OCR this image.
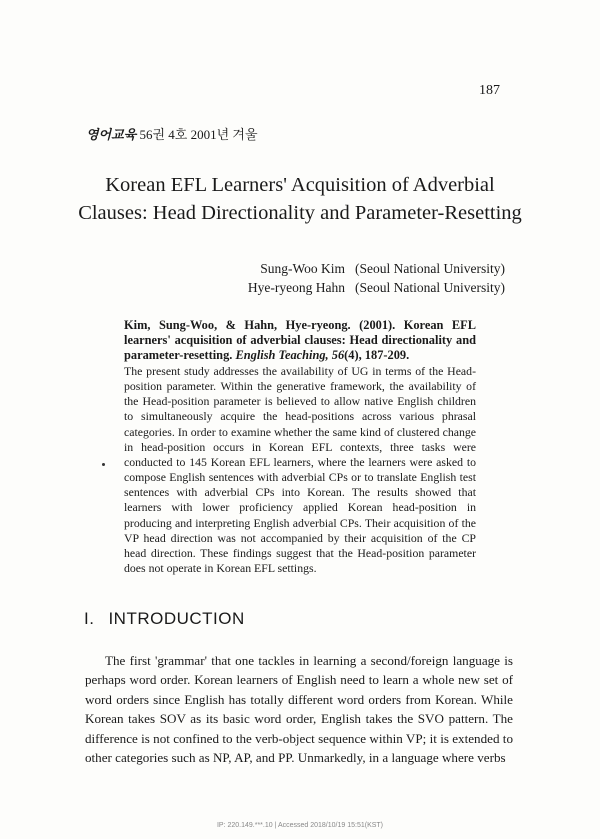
187
영어교육 56권 4호 2001년 겨울
Korean EFL Learners' Acquisition of Adverbial
Clauses: Head Directionality and Parameter-Resetting
Sung-Woo Kim (Seoul National University)
Hye-ryeong Hahn (Seoul National University)
Kim, Sung-Woo, & Hahn, Hye-ryeong. (2001). Korean EFL learners' acquisition of adverbial clauses: Head directionality and parameter-resetting. English Teaching, 56(4), 187-209.
The present study addresses the availability of UG in terms of the Head-position parameter. Within the generative framework, the availability of the Head-position parameter is believed to allow native English children to simultaneously acquire the head-positions across various phrasal categories. In order to examine whether the same kind of clustered change in head-position occurs in Korean EFL contexts, three tasks were conducted to 145 Korean EFL learners, where the learners were asked to compose English sentences with adverbial CPs or to translate English test sentences with adverbial CPs into Korean. The results showed that learners with lower proficiency applied Korean head-position in producing and interpreting English adverbial CPs. Their acquisition of the VP head direction was not accompanied by their acquisition of the CP head direction. These findings suggest that the Head-position parameter does not operate in Korean EFL settings.
I. INTRODUCTION
The first 'grammar' that one tackles in learning a second/foreign language is perhaps word order. Korean learners of English need to learn a whole new set of word orders since English has totally different word orders from Korean. While Korean takes SOV as its basic word order, English takes the SVO pattern. The difference is not confined to the verb-object sequence within VP; it is extended to other categories such as NP, AP, and PP. Unmarkedly, in a language where verbs
IP: 220.149.***.10 | Accessed 2018/10/19 15:51(KST)
